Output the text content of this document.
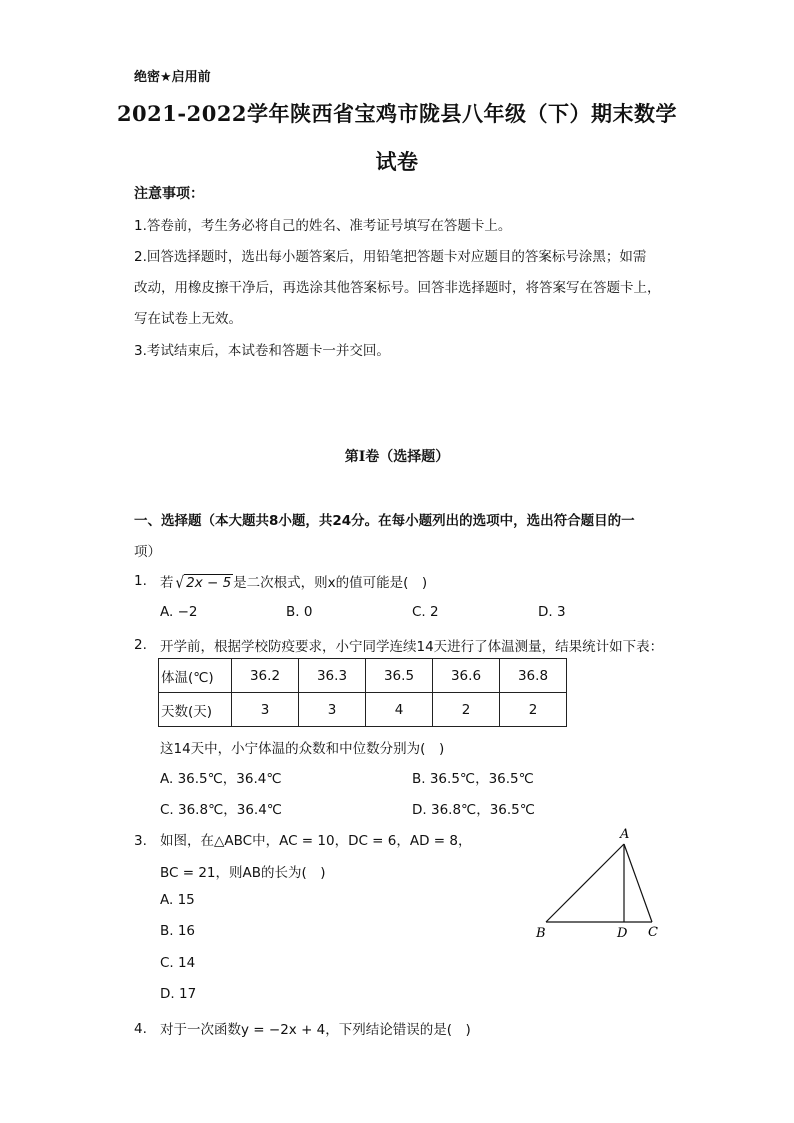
绝密★启用前
2021-2022学年陕西省宝鸡市陇县八年级（下）期末数学
试卷
注意事项：
1.答卷前，考生务必将自己的姓名、准考证号填写在答题卡上。
2.回答选择题时，选出每小题答案后，用铅笔把答题卡对应题目的答案标号涂黑；如需
改动，用橡皮擦干净后，再选涂其他答案标号。回答非选择题时，将答案写在答题卡上，
写在试卷上无效。
3.考试结束后，本试卷和答题卡一并交回。
第I卷（选择题）
一、选择题（本大题共8小题，共24分。在每小题列出的选项中，选出符合题目的一
项）
1. 若 √ 2x − 5 是二次根式，则x的值可能是(　)
A. −2	B. 0	C. 2	D. 3
2. 开学前，根据学校防疫要求，小宁同学连续14天进行了体温测量，结果统计如下表：
体温(℃)	36.2	36.3	36.5	36.6	36.8
天数(天)	3	3	4	2	2
这14天中，小宁体温的众数和中位数分别为(　)
A. 36.5℃，36.4℃	B. 36.5℃，36.5℃
C. 36.8℃，36.4℃	D. 36.8℃，36.5℃
3. 如图，在△ABC中，AC = 10，DC = 6，AD = 8，
BC = 21，则AB的长为(　)
A. 15
B. 16
C. 14
D. 17
A
B	D C
4. 对于一次函数y = −2x + 4，下列结论错误的是(　)
